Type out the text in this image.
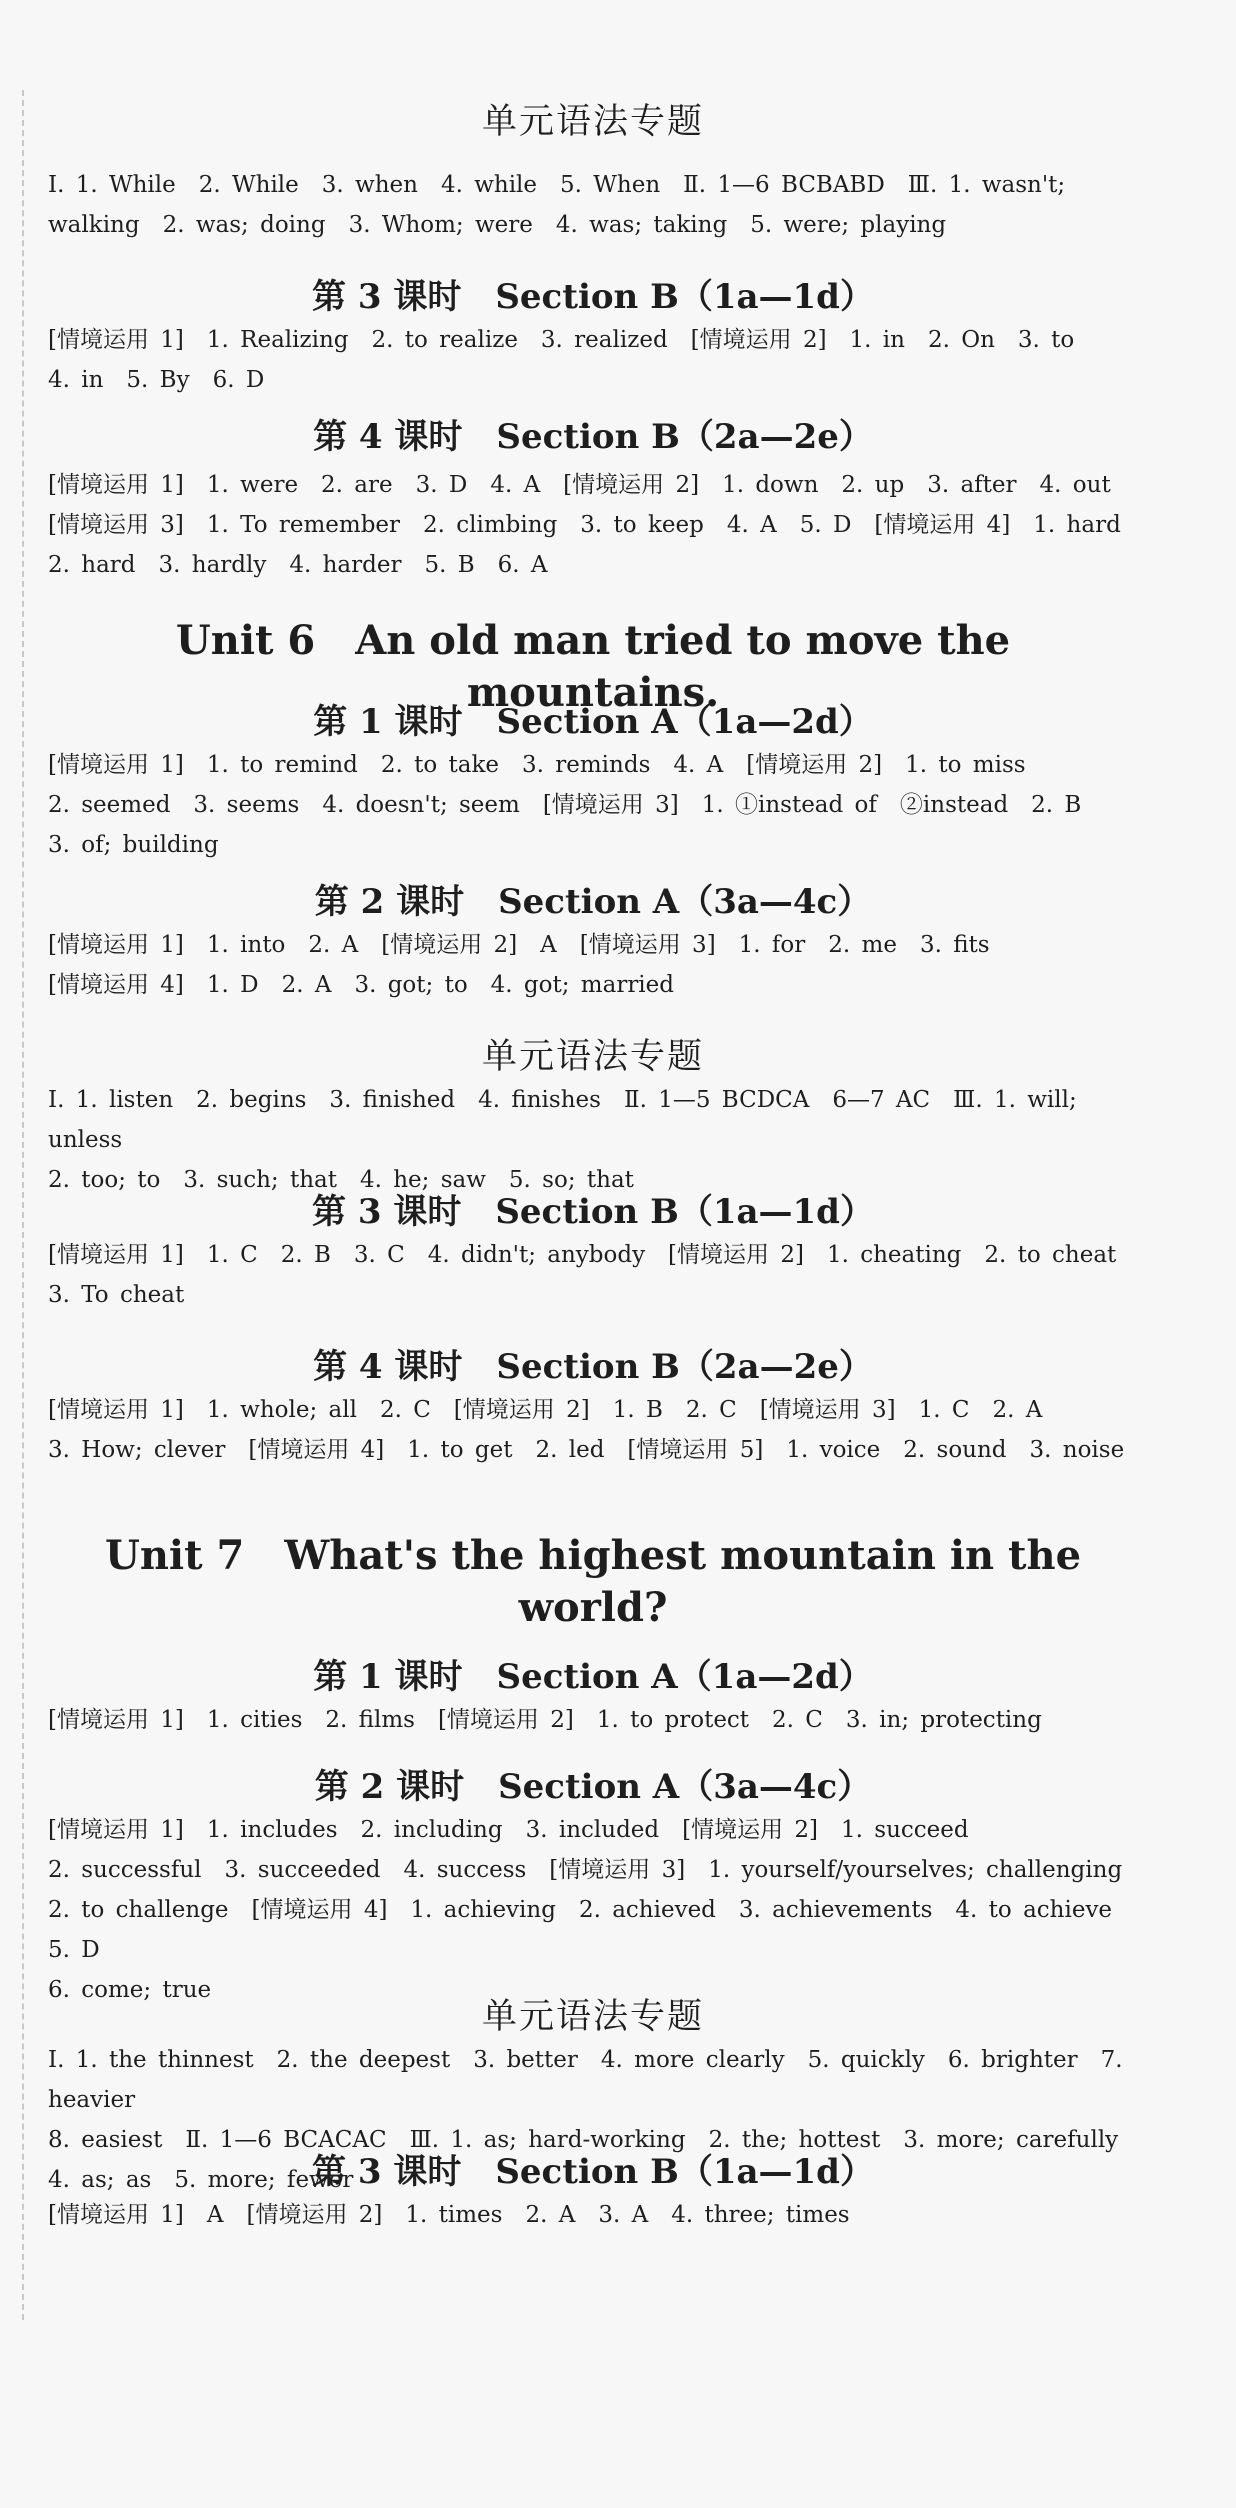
单元语法专题
Ⅰ. 1. While　2. While　3. when　4. while　5. When　Ⅱ. 1—6 BCBABD　Ⅲ. 1. wasn't;
walking　2. was; doing　3. Whom; were　4. was; taking　5. were; playing
第 3 课时　Section B（1a—1d）
[情境运用 1]　1. Realizing　2. to realize　3. realized　[情境运用 2]　1. in　2. On　3. to
4. in　5. By　6. D
第 4 课时　Section B（2a—2e）
[情境运用 1]　1. were　2. are　3. D　4. A　[情境运用 2]　1. down　2. up　3. after　4. out
[情境运用 3]　1. To remember　2. climbing　3. to keep　4. A　5. D　[情境运用 4]　1. hard
2. hard　3. hardly　4. harder　5. B　6. A
Unit 6　An old man tried to move the mountains.
第 1 课时　Section A（1a—2d）
[情境运用 1]　1. to remind　2. to take　3. reminds　4. A　[情境运用 2]　1. to miss
2. seemed　3. seems　4. doesn't; seem　[情境运用 3]　1. ①instead of　②instead　2. B
3. of; building
第 2 课时　Section A（3a—4c）
[情境运用 1]　1. into　2. A　[情境运用 2]　A　[情境运用 3]　1. for　2. me　3. fits
[情境运用 4]　1. D　2. A　3. got; to　4. got; married
单元语法专题
Ⅰ. 1. listen　2. begins　3. finished　4. finishes　Ⅱ. 1—5 BCDCA　6—7 AC　Ⅲ. 1. will; unless
2. too; to　3. such; that　4. he; saw　5. so; that
第 3 课时　Section B（1a—1d）
[情境运用 1]　1. C　2. B　3. C　4. didn't; anybody　[情境运用 2]　1. cheating　2. to cheat
3. To cheat
第 4 课时　Section B（2a—2e）
[情境运用 1]　1. whole; all　2. C　[情境运用 2]　1. B　2. C　[情境运用 3]　1. C　2. A
3. How; clever　[情境运用 4]　1. to get　2. led　[情境运用 5]　1. voice　2. sound　3. noise
Unit 7　What's the highest mountain in the world?
第 1 课时　Section A（1a—2d）
[情境运用 1]　1. cities　2. films　[情境运用 2]　1. to protect　2. C　3. in; protecting
第 2 课时　Section A（3a—4c）
[情境运用 1]　1. includes　2. including　3. included　[情境运用 2]　1. succeed
2. successful　3. succeeded　4. success　[情境运用 3]　1. yourself/yourselves; challenging
2. to challenge　[情境运用 4]　1. achieving　2. achieved　3. achievements　4. to achieve　5. D
6. come; true
单元语法专题
Ⅰ. 1. the thinnest　2. the deepest　3. better　4. more clearly　5. quickly　6. brighter　7. heavier
8. easiest　Ⅱ. 1—6 BCACAC　Ⅲ. 1. as; hard-working　2. the; hottest　3. more; carefully
4. as; as　5. more; fewer
第 3 课时　Section B（1a—1d）
[情境运用 1]　A　[情境运用 2]　1. times　2. A　3. A　4. three; times
